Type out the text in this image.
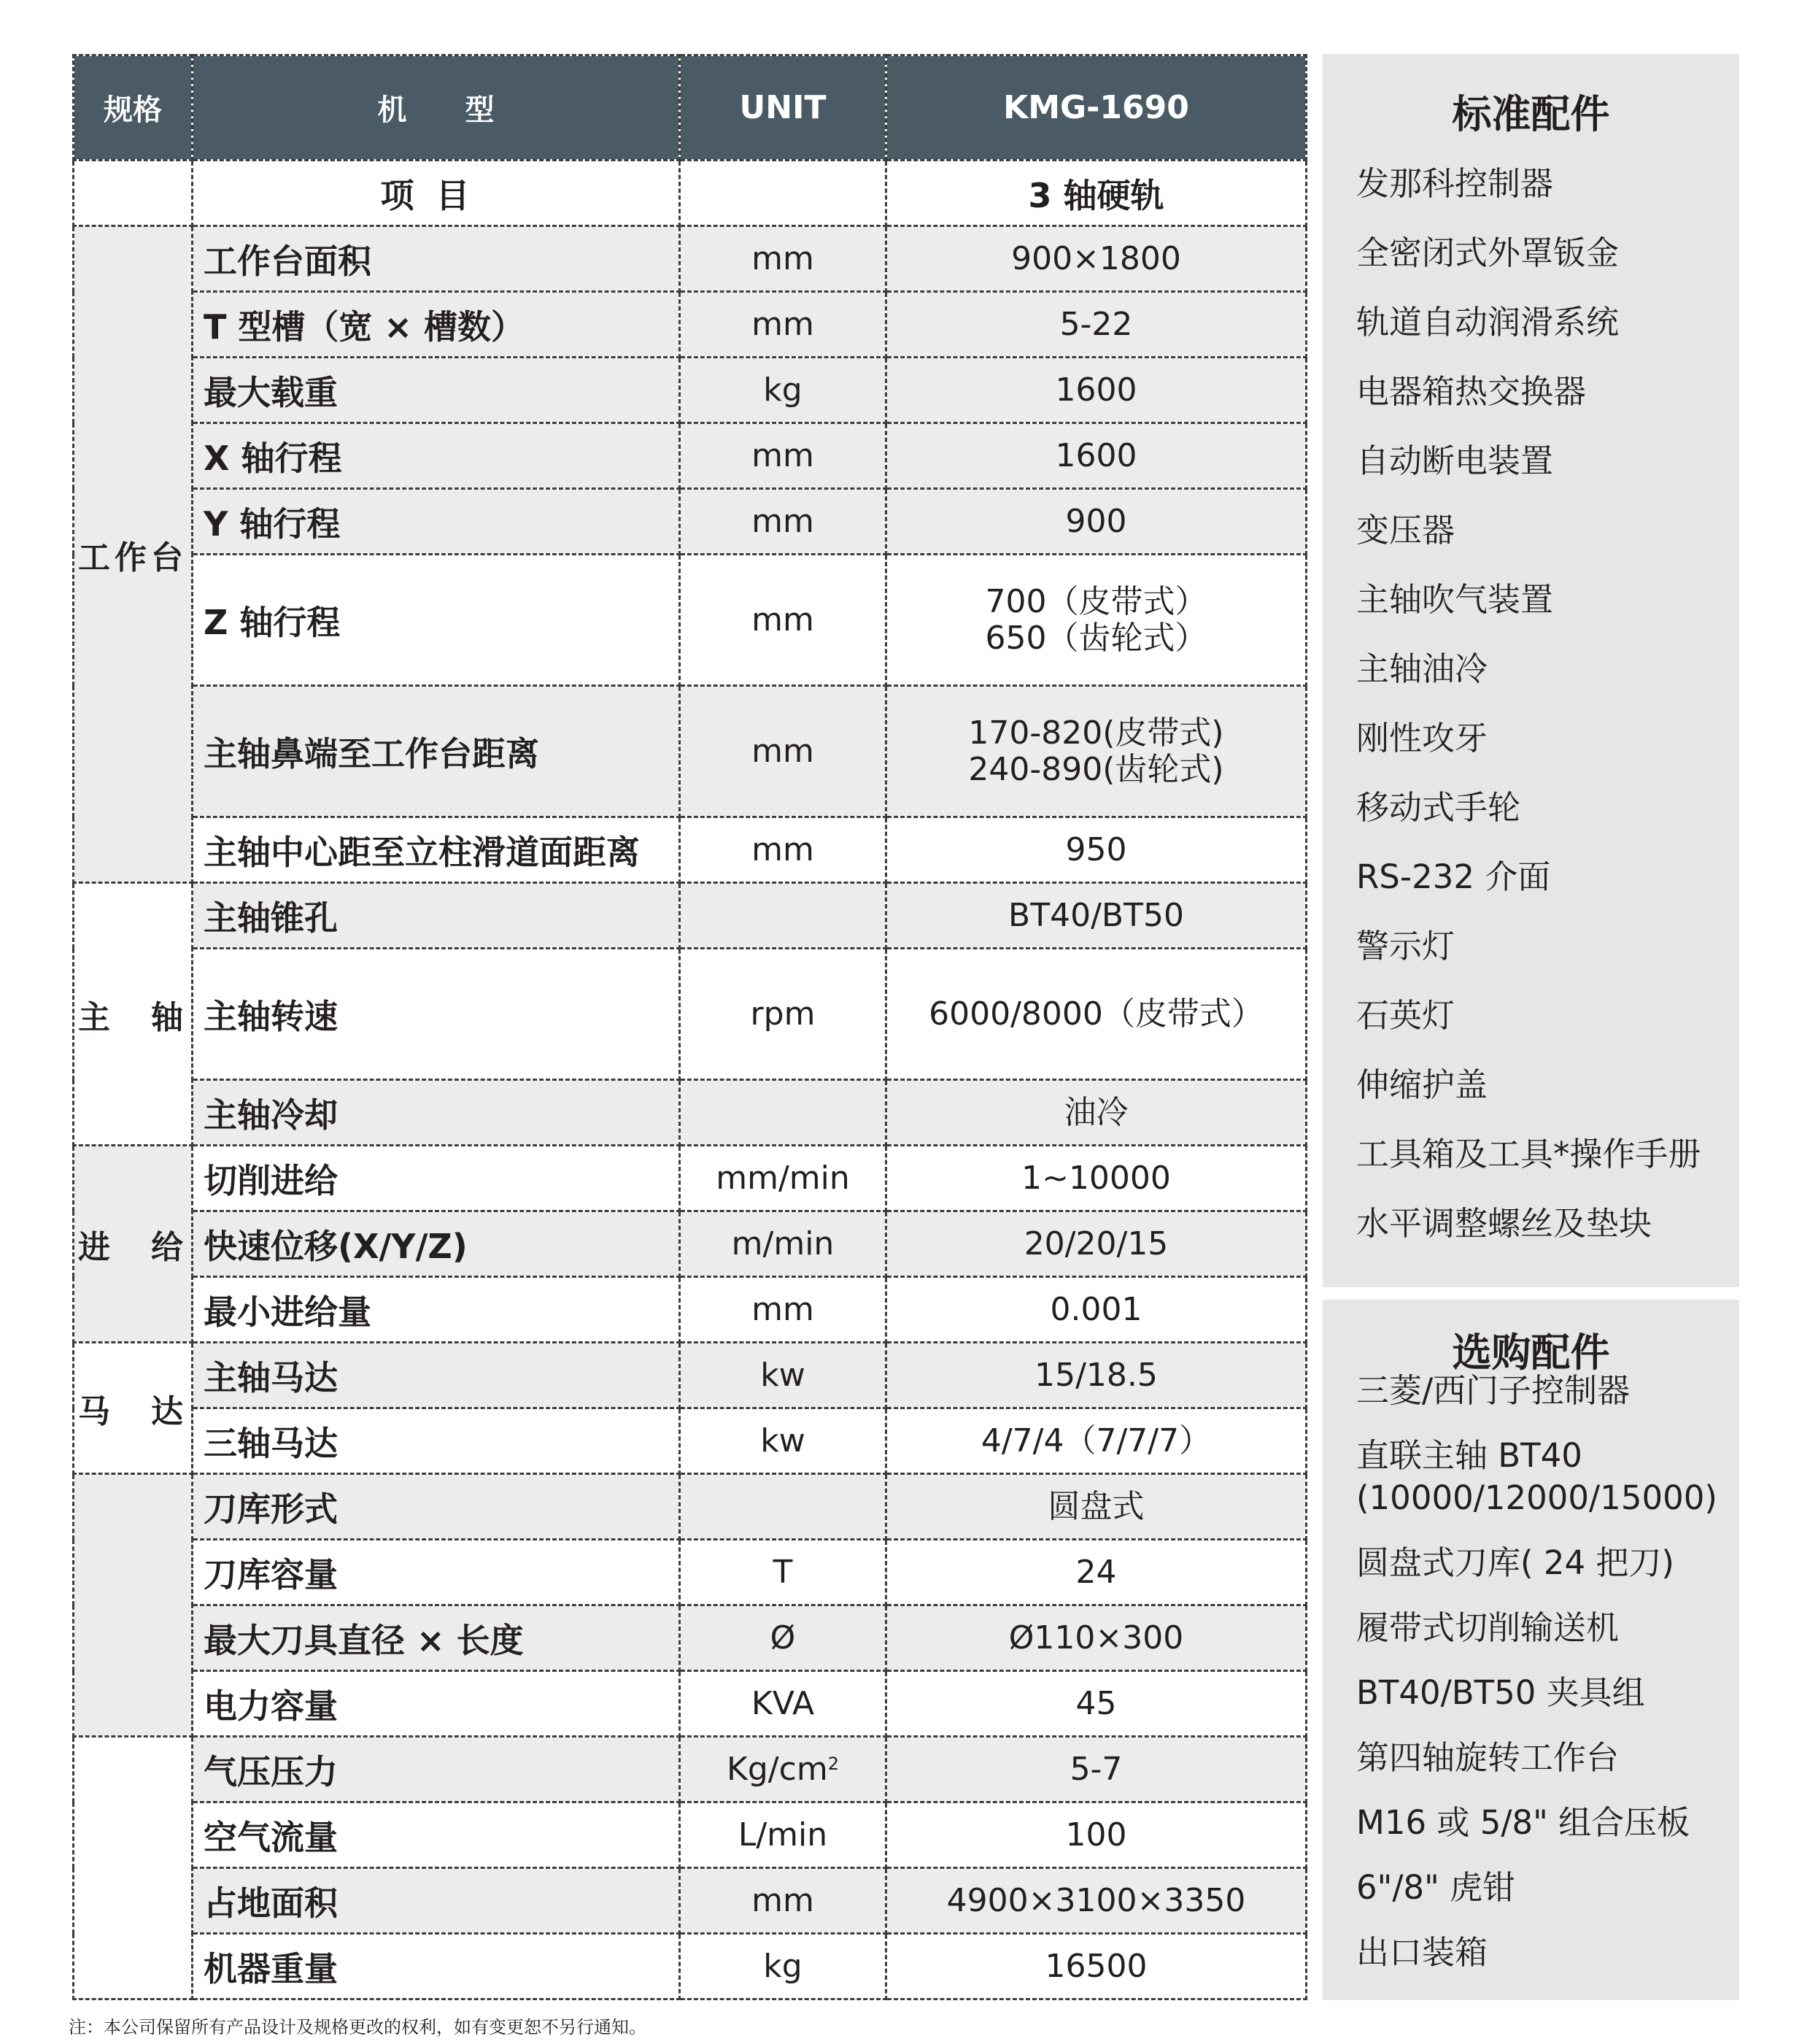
规格	机　　型	UNIT	KMG-1690
	项目		3 轴硬轨
工作台	工作台面积	mm	900×1800
	T 型槽（宽 × 槽数）	mm	5-22
	最大载重	kg	1600
	X 轴行程	mm	1600
	Y 轴行程	mm	900
	Z 轴行程	mm	700（皮带式）
650（齿轮式）

	主轴鼻端至工作台距离	mm	170-820(皮带式)
240-890(齿轮式)

	主轴中心距至立柱滑道面距离	mm	950
主　轴	主轴锥孔		BT40/BT50
	主轴转速	rpm	6000/8000（皮带式）
	主轴冷却		油冷
进　给	切削进给	mm/min	1~10000
	快速位移(X/Y/Z)	m/min	20/20/15
	最小进给量	mm	0.001
马　达	主轴马达	kw	15/18.5
	三轴马达	kw	4/7/4（7/7/7）
	刀库形式		圆盘式
	刀库容量	T	24
	最大刀具直径 × 长度	Ø	Ø110×300
	电力容量	KVA	45
	气压压力	$Kg/cm^2$	5-7
	空气流量	L/min	100
	占地面积	mm	4900×3100×3350
	机器重量	kg	16500
标准配件
发那科控制器
全密闭式外罩钣金
轨道自动润滑系统
电器箱热交换器
自动断电装置
变压器
主轴吹气装置
主轴油冷
刚性攻牙
移动式手轮
RS-232 介面
警示灯
石英灯
伸缩护盖
工具箱及工具*操作手册
水平调整螺丝及垫块
选购配件
三菱/西门子控制器
直联主轴 BT40
(10000/12000/15000)
圆盘式刀库( 24 把刀)
履带式切削输送机
BT40/BT50 夹具组
第四轴旋转工作台
M16 或 5/8" 组合压板
6"/8" 虎钳
出口装箱
注：本公司保留所有产品设计及规格更改的权利，如有变更恕不另行通知。
